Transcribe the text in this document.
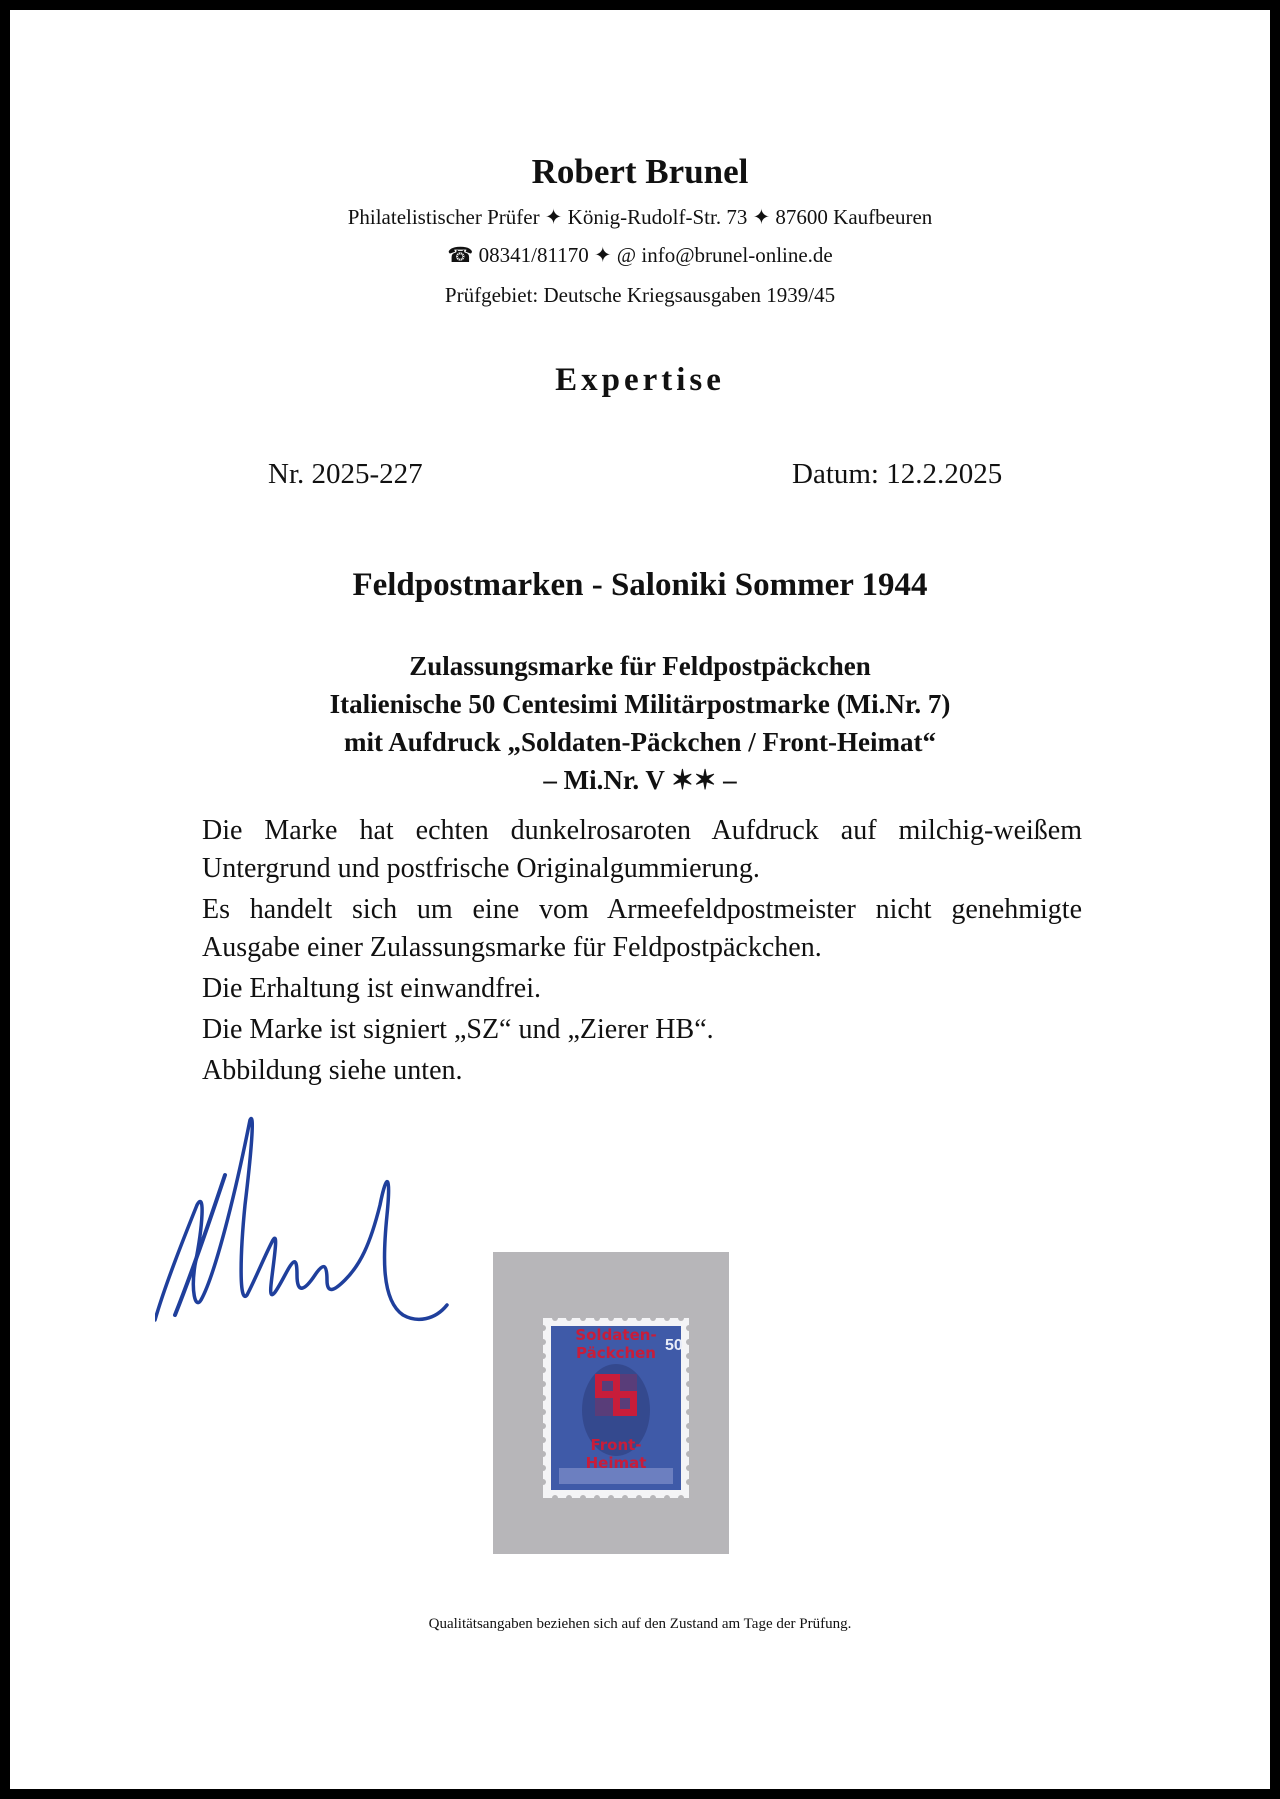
Robert Brunel
Philatelistischer Prüfer ✦ König-Rudolf-Str. 73 ✦ 87600 Kaufbeuren
☎ 08341/81170 ✦ @ info@brunel-online.de
Prüfgebiet: Deutsche Kriegsausgaben 1939/45
Expertise
Nr. 2025-227	Datum: 12.2.2025
Feldpostmarken - Saloniki Sommer 1944
Zulassungsmarke für Feldpostpäckchen
Italienische 50 Centesimi Militärpostmarke (Mi.Nr. 7)
mit Aufdruck „Soldaten-Päckchen / Front-Heimat“
– Mi.Nr. V ✶✶ –
Die Marke hat echten dunkelrosaroten Aufdruck auf milchig-weißem Untergrund und postfrische Originalgummierung.
Es handelt sich um eine vom Armeefeldpostmeister nicht genehmigte Ausgabe einer Zulassungsmarke für Feldpostpäckchen.
Die Erhaltung ist einwandfrei.
Die Marke ist signiert „SZ“ und „Zierer HB“.
Abbildung siehe unten.
50
Soldaten-
Päckchen
Front-
Heimat
Qualitätsangaben beziehen sich auf den Zustand am Tage der Prüfung.
